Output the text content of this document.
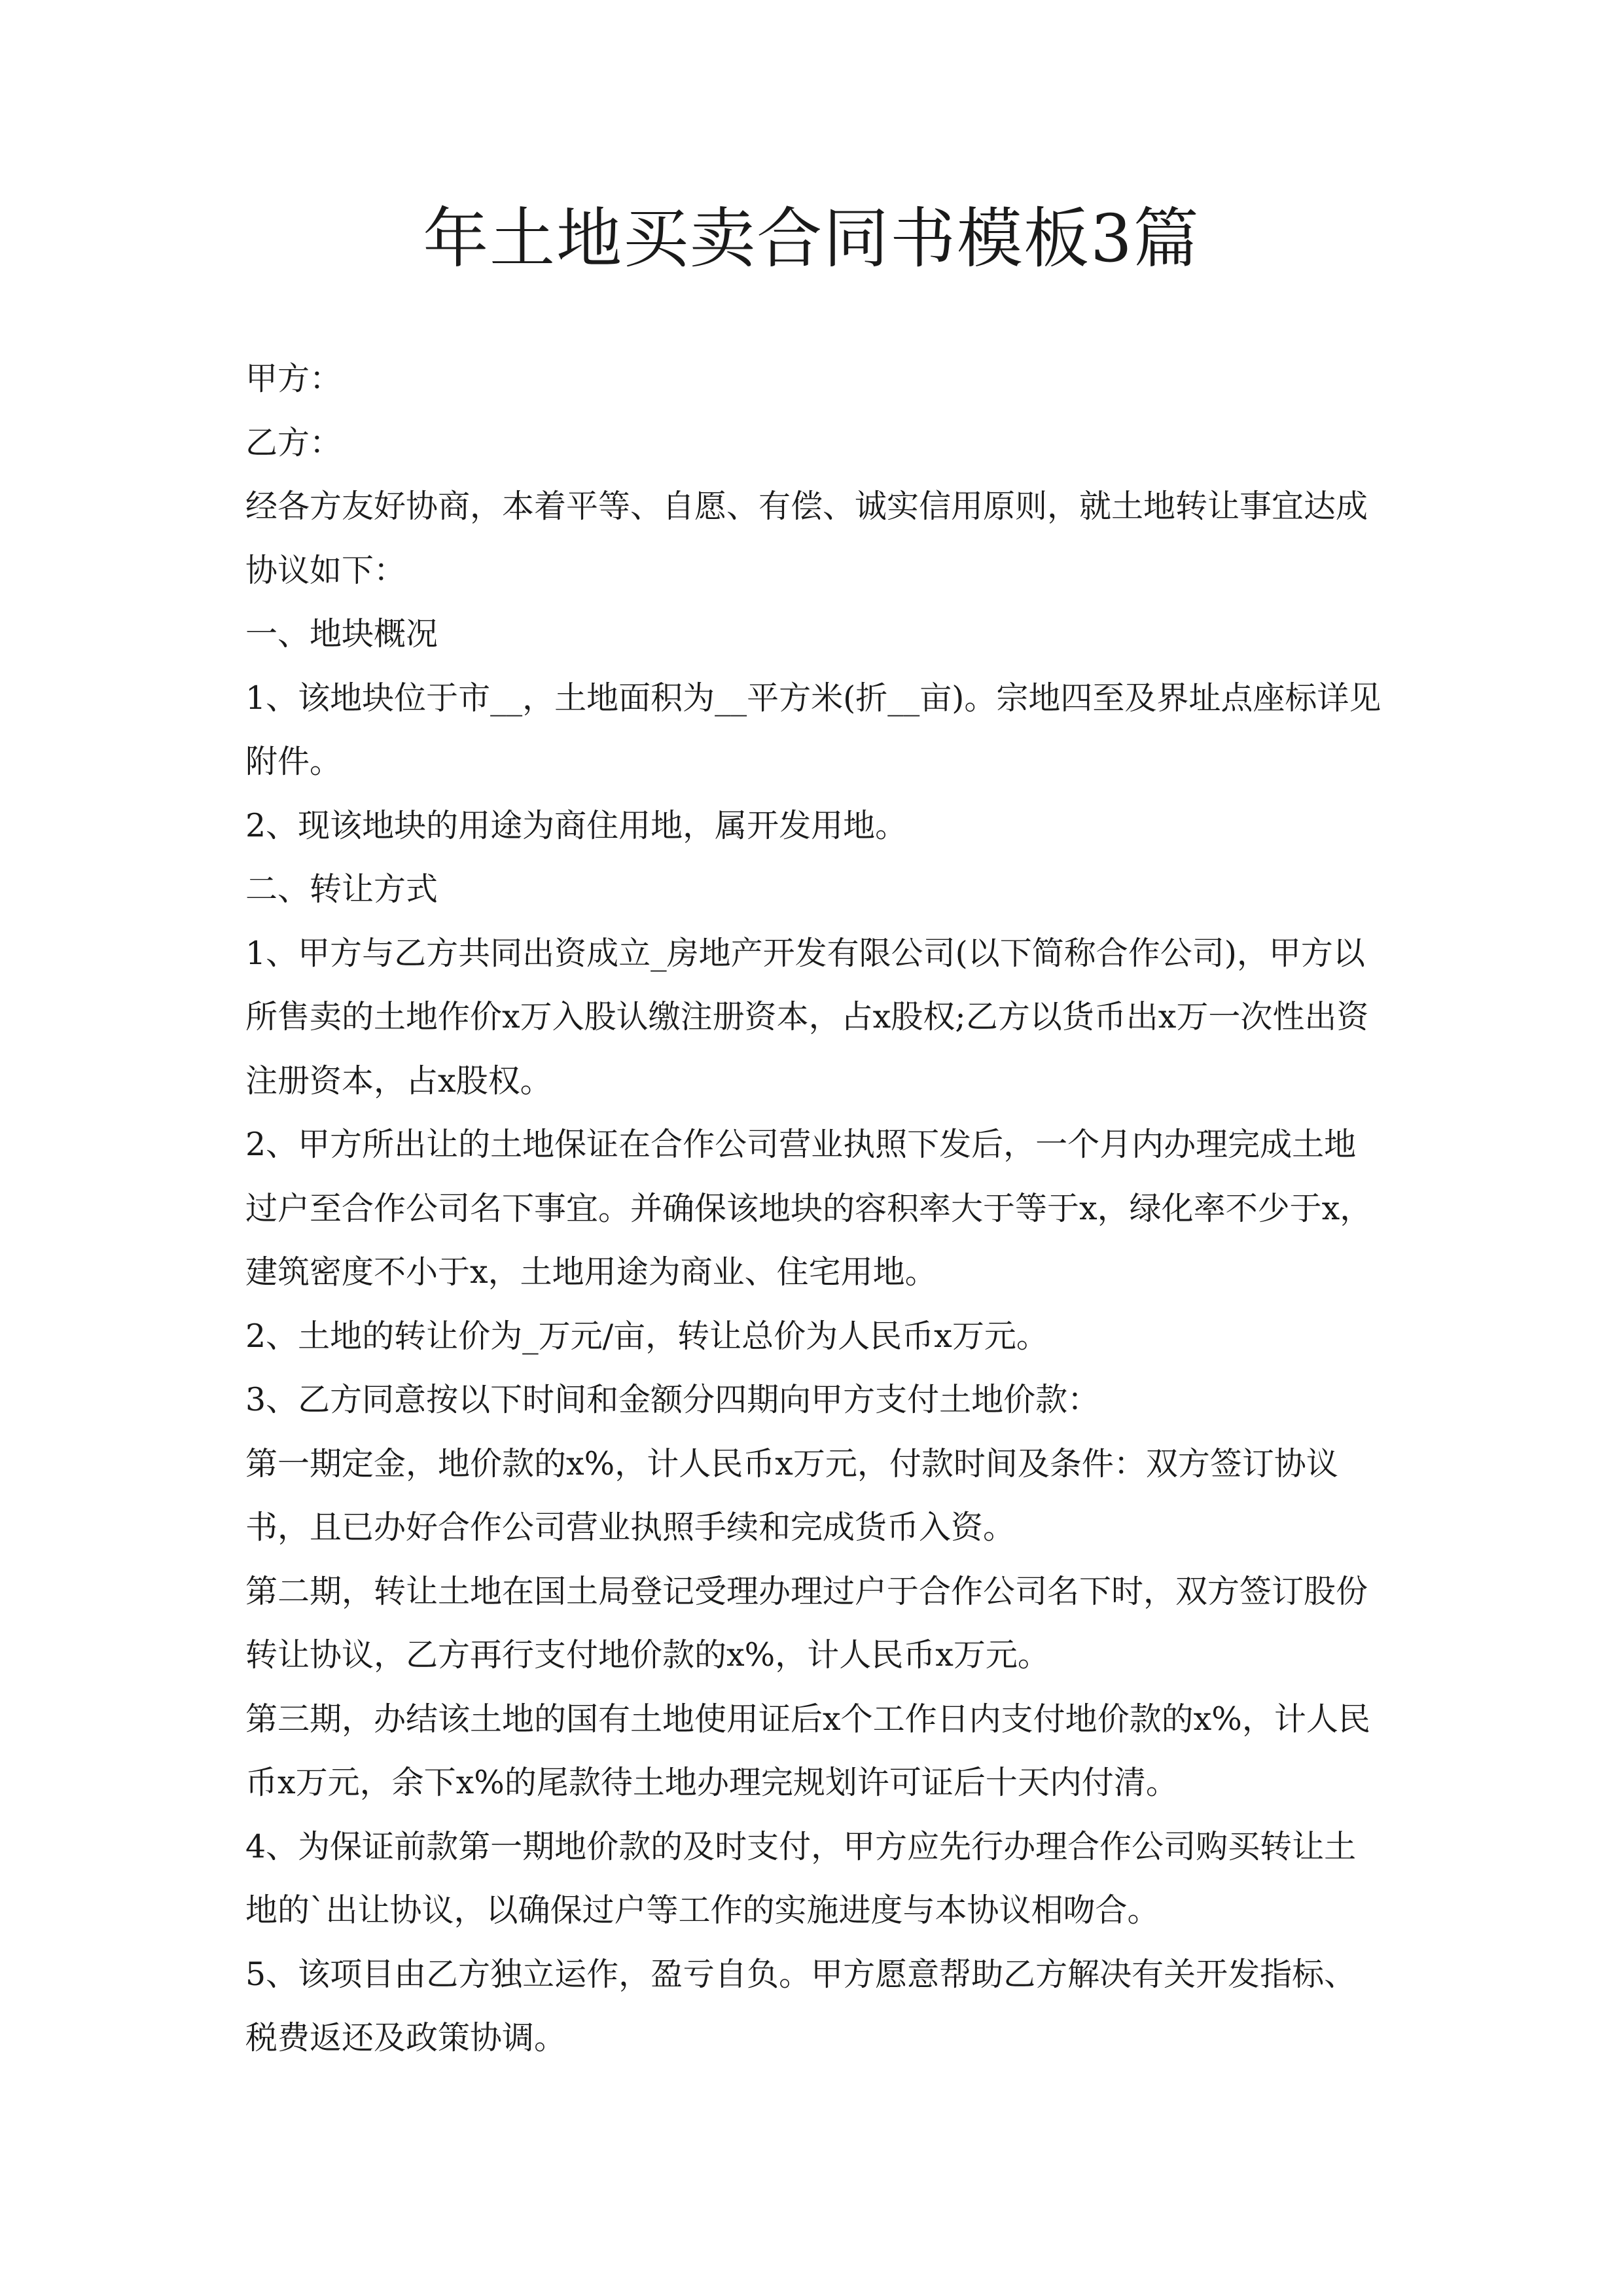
年土地买卖合同书模板3篇

甲方：

乙方：

经各方友好协商，本着平等、自愿、有偿、诚实信用原则，就土地转让事宜达成协议如下：

一、地块概况

1、该地块位于市__，土地面积为__平方米(折__亩)。宗地四至及界址点座标详见附件。

2、现该地块的用途为商住用地，属开发用地。

二、转让方式

1、甲方与乙方共同出资成立_房地产开发有限公司(以下简称合作公司)，甲方以所售卖的土地作价x万入股认缴注册资本，占x股权;乙方以货币出x万一次性出资注册资本，占x股权。

2、甲方所出让的土地保证在合作公司营业执照下发后，一个月内办理完成土地过户至合作公司名下事宜。并确保该地块的容积率大于等于x，绿化率不少于x，建筑密度不小于x，土地用途为商业、住宅用地。

2、土地的转让价为_万元/亩，转让总价为人民币x万元。

3、乙方同意按以下时间和金额分四期向甲方支付土地价款：

第一期定金，地价款的x%，计人民币x万元，付款时间及条件：双方签订协议书，且已办好合作公司营业执照手续和完成货币入资。

第二期，转让土地在国土局登记受理办理过户于合作公司名下时，双方签订股份转让协议，乙方再行支付地价款的x%，计人民币x万元。

第三期，办结该土地的国有土地使用证后x个工作日内支付地价款的x%，计人民币x万元，余下x%的尾款待土地办理完规划许可证后十天内付清。

4、为保证前款第一期地价款的及时支付，甲方应先行办理合作公司购买转让土地的`出让协议，以确保过户等工作的实施进度与本协议相吻合。

5、该项目由乙方独立运作，盈亏自负。甲方愿意帮助乙方解决有关开发指标、税费返还及政策协调。
